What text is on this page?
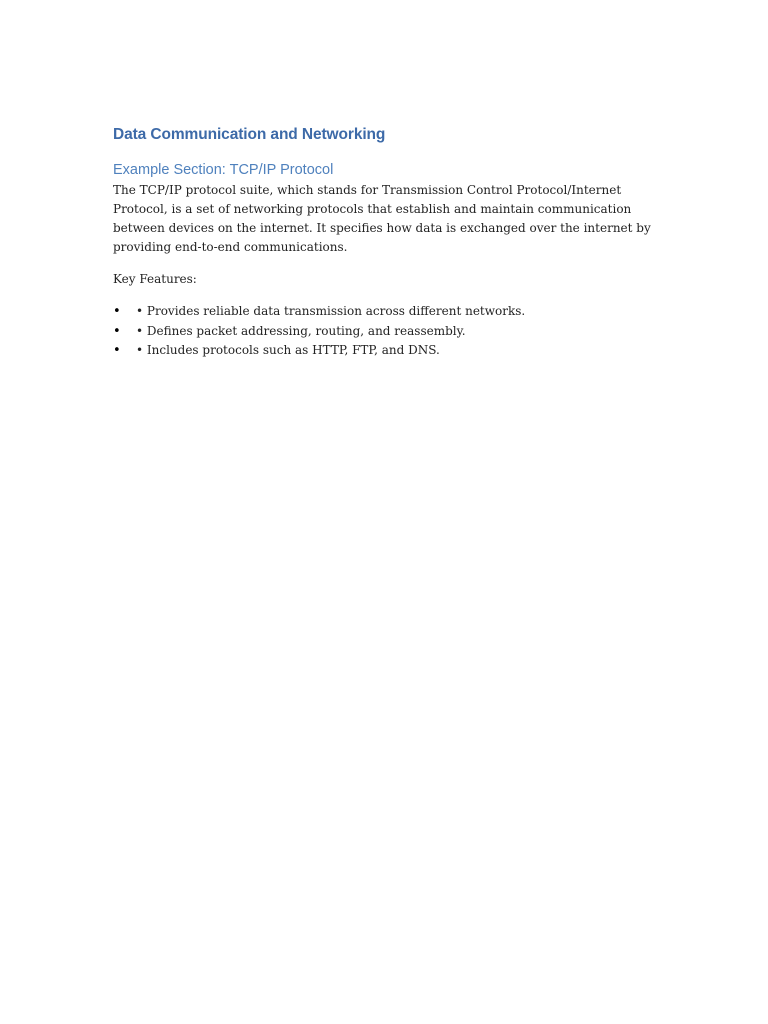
Data Communication and Networking
Example Section: TCP/IP Protocol

The TCP/IP protocol suite, which stands for Transmission Control Protocol/Internet Protocol, is a set of networking protocols that establish and maintain communication between devices on the internet. It specifies how data is exchanged over the internet by providing end-to-end communications.

Key Features:

• • Provides reliable data transmission across different networks.
• • Defines packet addressing, routing, and reassembly.
• • Includes protocols such as HTTP, FTP, and DNS.
